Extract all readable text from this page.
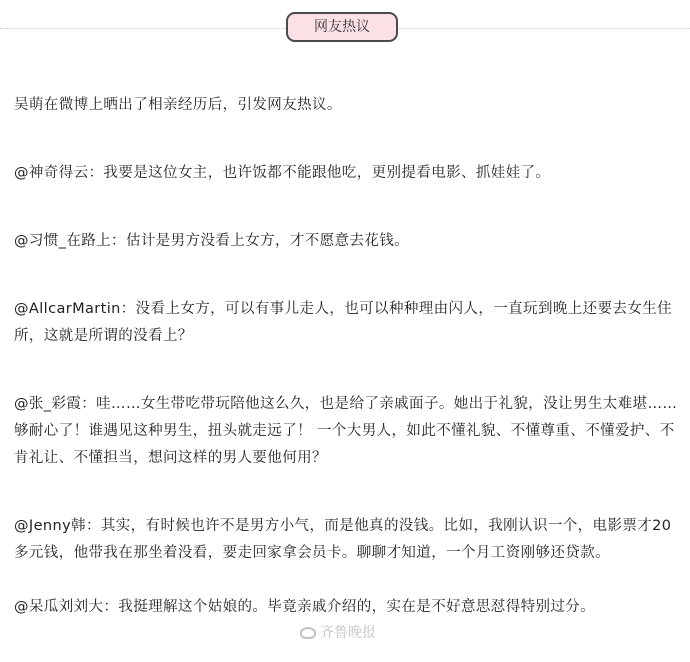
网友热议

吴萌在微博上晒出了相亲经历后，引发网友热议。

@神奇得云：我要是这位女主，也许饭都不能跟他吃，更别提看电影、抓娃娃了。

@习惯_在路上：估计是男方没看上女方，才不愿意去花钱。

@AllcarMartin：没看上女方，可以有事儿走人，也可以种种理由闪人，一直玩到晚上还要去女生住所，这就是所谓的没看上？

@张_彩霞：哇……女生带吃带玩陪他这么久，也是给了亲戚面子。她出于礼貌，没让男生太难堪……够耐心了！谁遇见这种男生，扭头就走远了！ 一个大男人，如此不懂礼貌、不懂尊重、不懂爱护、不肯礼让、不懂担当，想问这样的男人要他何用？

@Jenny韩：其实，有时候也许不是男方小气，而是他真的没钱。比如，我刚认识一个，电影票才20多元钱，他带我在那坐着没看，要走回家拿会员卡。聊聊才知道，一个月工资刚够还贷款。

@呆瓜刘刘大：我挺理解这个姑娘的。毕竟亲戚介绍的，实在是不好意思怼得特别过分。

齐鲁晚报
